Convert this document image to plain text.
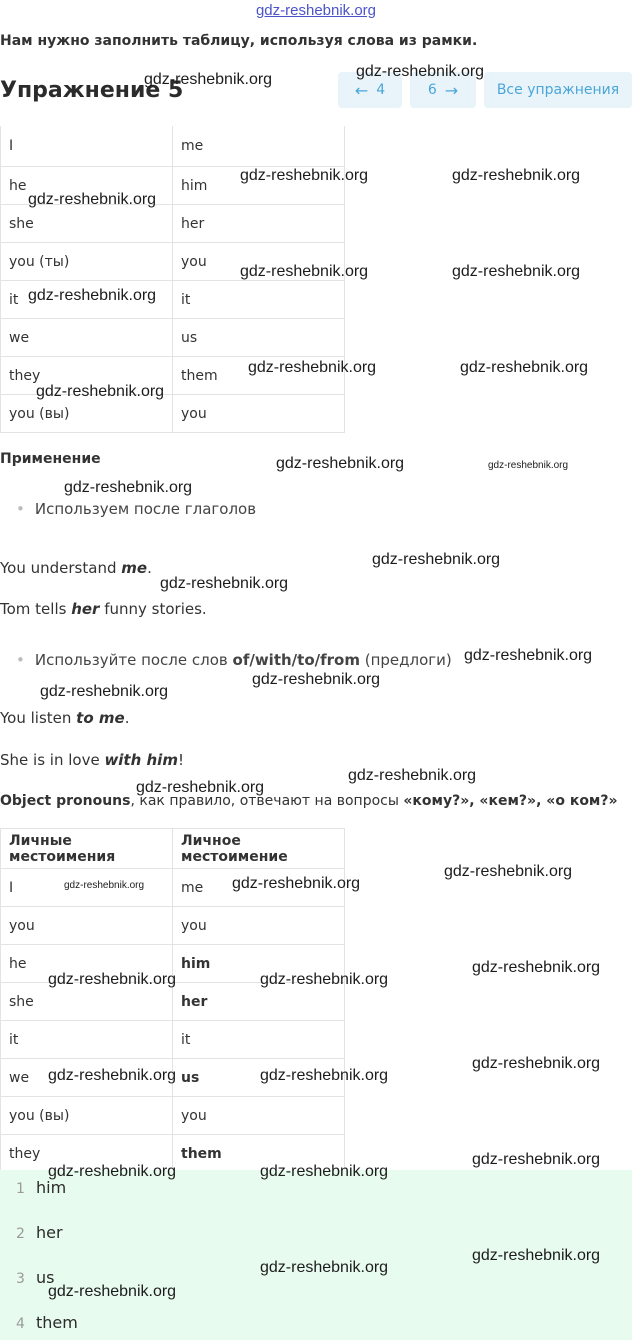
gdz-reshebnik.org
Нам нужно заполнить таблицу, используя слова из рамки.
Упражнение 5	← 4	6 →	Все упражнения
I	me
he	him
she	her
you (ты)	you
it	it
we	us
they	them
you (вы)	you
Применение
• Используем после глаголов
You understand me.
Tom tells her funny stories.
• Используйте после слов of/with/to/from (предлоги)
You listen to me.
She is in love with him!
Object pronouns, как правило, отвечают на вопросы «кому?», «кем?», «о ком?»
Личные местоимения	Личное местоимение
I	me
you	you
he	him
she	her
it	it
we	us
you (вы)	you
they	them
1 him
2 her
3 us
4 them
gdz-reshebnik.org	gdz-reshebnik.org
gdz-reshebnik.org	gdz-reshebnik.org
gdz-reshebnik.org
gdz-reshebnik.org	gdz-reshebnik.org
gdz-reshebnik.org
gdz-reshebnik.org	gdz-reshebnik.org
gdz-reshebnik.org
gdz-reshebnik.org	gdz-reshebnik.org
gdz-reshebnik.org
gdz-reshebnik.org
gdz-reshebnik.org
gdz-reshebnik.org
gdz-reshebnik.org
gdz-reshebnik.org
gdz-reshebnik.org
gdz-reshebnik.org
gdz-reshebnik.org
gdz-reshebnik.org
gdz-reshebnik.org
gdz-reshebnik.org
gdz-reshebnik.org	gdz-reshebnik.org
gdz-reshebnik.org
gdz-reshebnik.org	gdz-reshebnik.org
gdz-reshebnik.org
gdz-reshebnik.org	gdz-reshebnik.org
gdz-reshebnik.org
gdz-reshebnik.org
gdz-reshebnik.org
